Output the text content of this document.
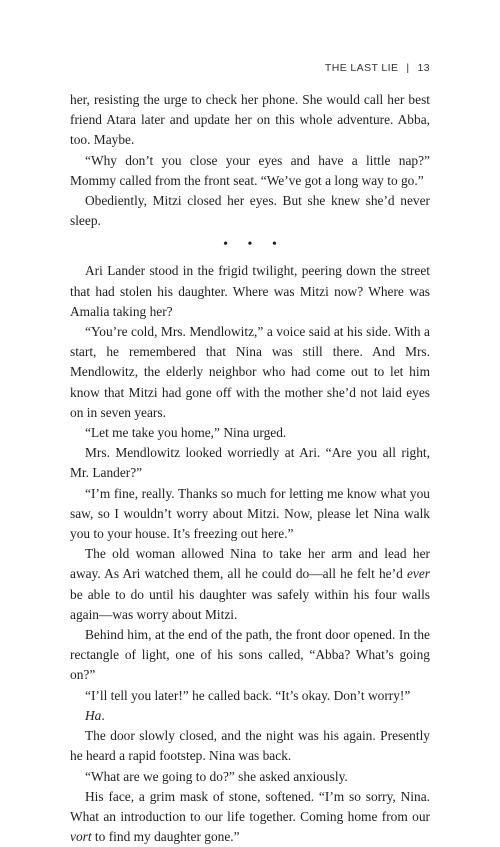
THE LAST LIE | 13

her, resisting the urge to check her phone. She would call her best friend Atara later and update her on this whole adventure. Abba, too. Maybe.

“Why don’t you close your eyes and have a little nap?” Mommy called from the front seat. “We’ve got a long way to go.”

Obediently, Mitzi closed her eyes. But she knew she’d never sleep.

• • •

Ari Lander stood in the frigid twilight, peering down the street that had stolen his daughter. Where was Mitzi now? Where was Amalia taking her?

“You’re cold, Mrs. Mendlowitz,” a voice said at his side. With a start, he remembered that Nina was still there. And Mrs. Mendlowitz, the elderly neighbor who had come out to let him know that Mitzi had gone off with the mother she’d not laid eyes on in seven years.

“Let me take you home,” Nina urged.

Mrs. Mendlowitz looked worriedly at Ari. “Are you all right, Mr. Lander?”

“I’m fine, really. Thanks so much for letting me know what you saw, so I wouldn’t worry about Mitzi. Now, please let Nina walk you to your house. It’s freezing out here.”

The old woman allowed Nina to take her arm and lead her away. As Ari watched them, all he could do—all he felt he’d ever be able to do until his daughter was safely within his four walls again—was worry about Mitzi.

Behind him, at the end of the path, the front door opened. In the rectangle of light, one of his sons called, “Abba? What’s going on?”

“I’ll tell you later!” he called back. “It’s okay. Don’t worry!”

Ha.

The door slowly closed, and the night was his again. Presently he heard a rapid footstep. Nina was back.

“What are we going to do?” she asked anxiously.

His face, a grim mask of stone, softened. “I’m so sorry, Nina. What an introduction to our life together. Coming home from our vort to find my daughter gone.”
